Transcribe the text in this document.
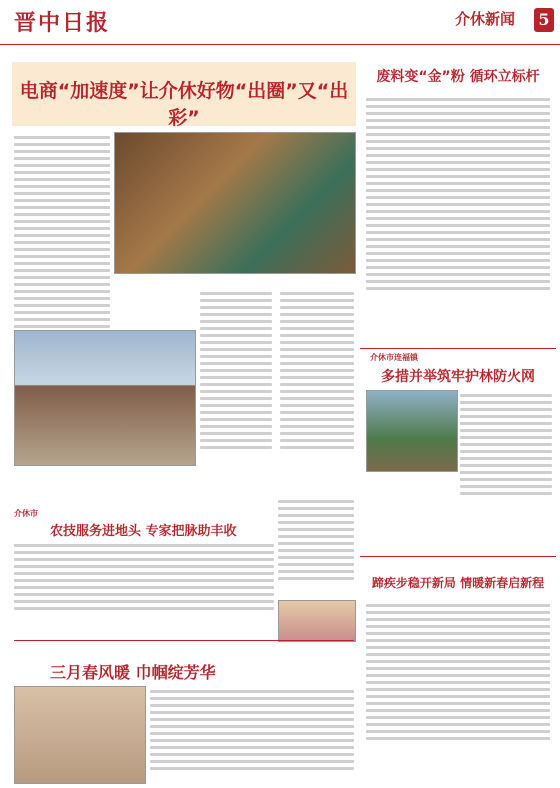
晋中日报	介休新闻 5
电商“加速度”让介休好物“出圈”又“出彩”
介休市
农技服务进地头 专家把脉助丰收
三月春风暖 巾帼绽芳华
废料变“金”粉 循环立标杆
介休市连福镇
多措并举筑牢护林防火网
蹄疾步稳开新局 情暖新春启新程
